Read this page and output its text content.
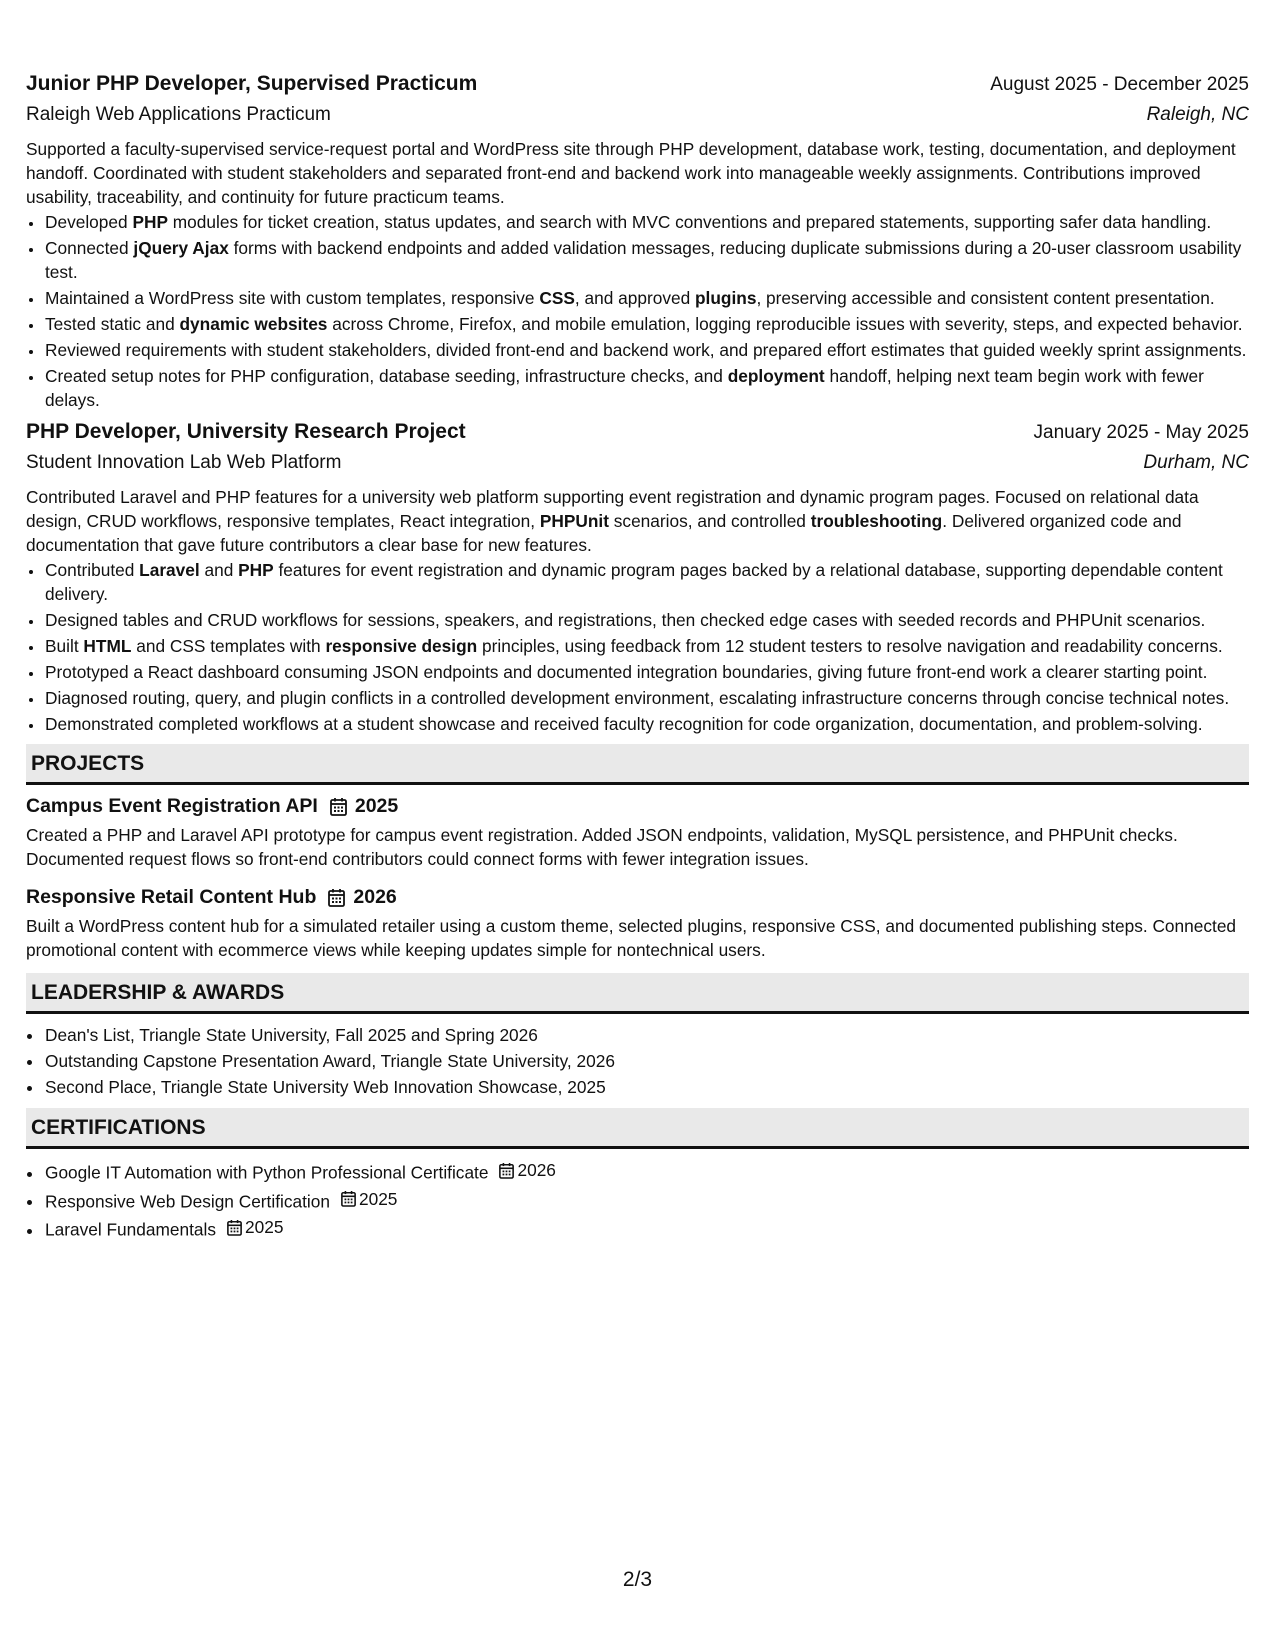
Junior PHP Developer, Supervised Practicum	August 2025 - December 2025
Raleigh Web Applications Practicum	Raleigh, NC

Supported a faculty-supervised service-request portal and WordPress site through PHP development, database work, testing, documentation, and deployment handoff. Coordinated with student stakeholders and separated front-end and backend work into manageable weekly assignments. Contributions improved usability, traceability, and continuity for future practicum teams.

• Developed PHP modules for ticket creation, status updates, and search with MVC conventions and prepared statements, supporting safer data handling.
• Connected jQuery Ajax forms with backend endpoints and added validation messages, reducing duplicate submissions during a 20-user classroom usability test.
• Maintained a WordPress site with custom templates, responsive CSS, and approved plugins, preserving accessible and consistent content presentation.
• Tested static and dynamic websites across Chrome, Firefox, and mobile emulation, logging reproducible issues with severity, steps, and expected behavior.
• Reviewed requirements with student stakeholders, divided front-end and backend work, and prepared effort estimates that guided weekly sprint assignments.
• Created setup notes for PHP configuration, database seeding, infrastructure checks, and deployment handoff, helping next team begin work with fewer delays.
PHP Developer, University Research Project	January 2025 - May 2025
Student Innovation Lab Web Platform	Durham, NC

Contributed Laravel and PHP features for a university web platform supporting event registration and dynamic program pages. Focused on relational data design, CRUD workflows, responsive templates, React integration, PHPUnit scenarios, and controlled troubleshooting. Delivered organized code and documentation that gave future contributors a clear base for new features.

• Contributed Laravel and PHP features for event registration and dynamic program pages backed by a relational database, supporting dependable content delivery.
• Designed tables and CRUD workflows for sessions, speakers, and registrations, then checked edge cases with seeded records and PHPUnit scenarios.
• Built HTML and CSS templates with responsive design principles, using feedback from 12 student testers to resolve navigation and readability concerns.
• Prototyped a React dashboard consuming JSON endpoints and documented integration boundaries, giving future front-end work a clearer starting point.
• Diagnosed routing, query, and plugin conflicts in a controlled development environment, escalating infrastructure concerns through concise technical notes.
• Demonstrated completed workflows at a student showcase and received faculty recognition for code organization, documentation, and problem-solving.
PROJECTS
Campus Event Registration API 2025

Created a PHP and Laravel API prototype for campus event registration. Added JSON endpoints, validation, MySQL persistence, and PHPUnit checks. Documented request flows so front-end contributors could connect forms with fewer integration issues.

Responsive Retail Content Hub 2026

Built a WordPress content hub for a simulated retailer using a custom theme, selected plugins, responsive CSS, and documented publishing steps. Connected promotional content with ecommerce views while keeping updates simple for nontechnical users.

LEADERSHIP & AWARDS
• Dean's List, Triangle State University, Fall 2025 and Spring 2026
• Outstanding Capstone Presentation Award, Triangle State University, 2026
• Second Place, Triangle State University Web Innovation Showcase, 2025
CERTIFICATIONS
• Google IT Automation with Python Professional Certificate 2026
• Responsive Web Design Certification 2025
• Laravel Fundamentals 2025
2/3
